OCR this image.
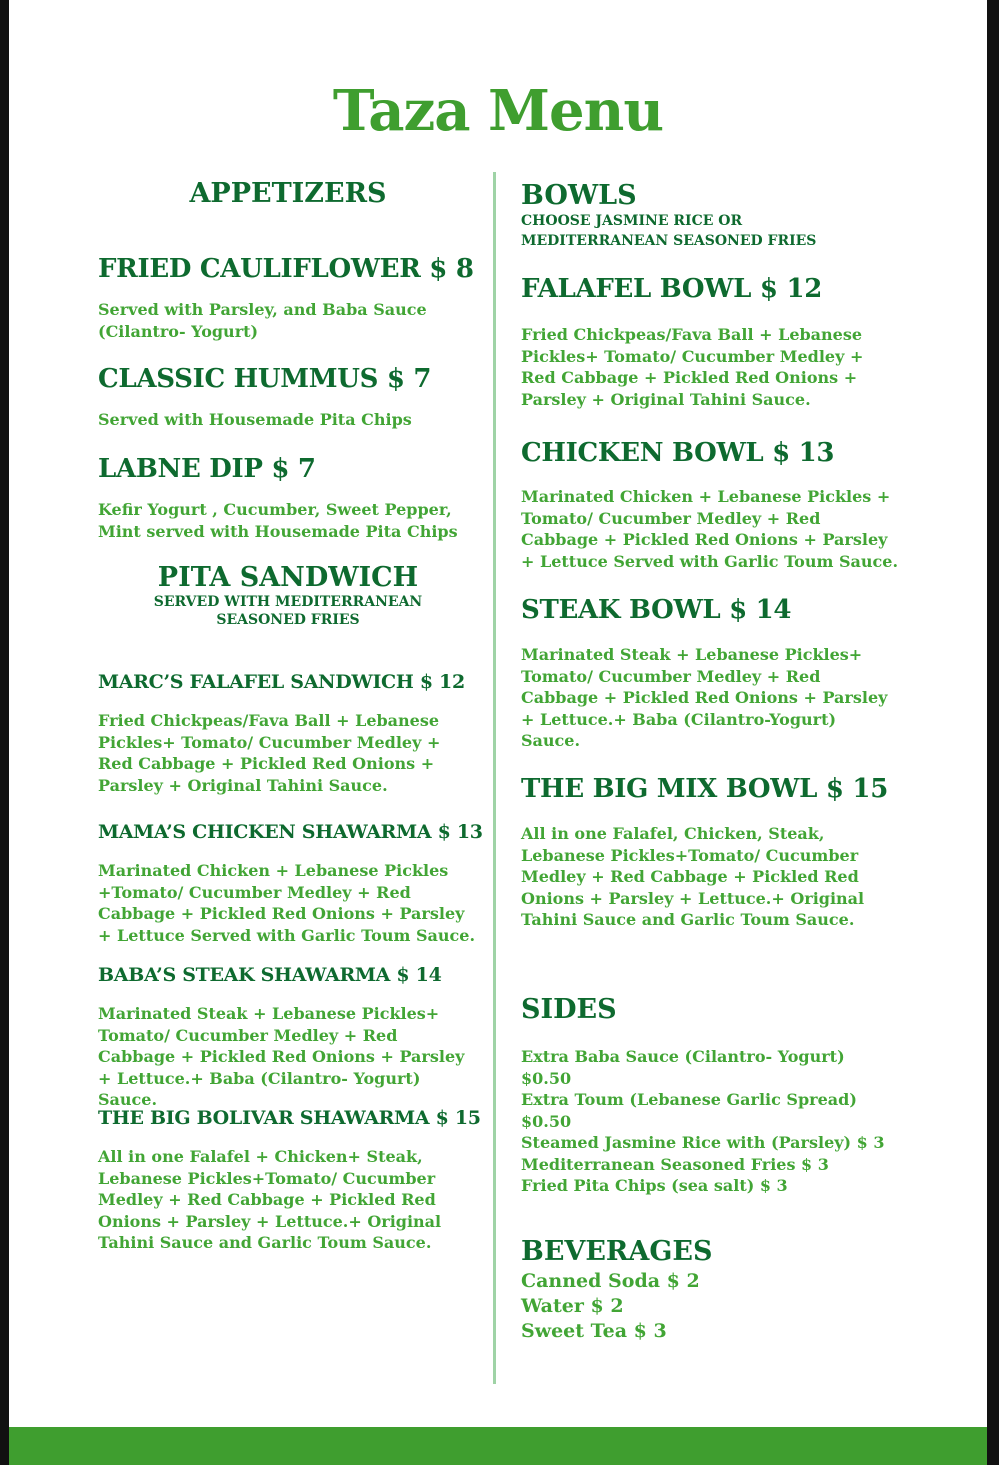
Taza Menu

APPETIZERS

FRIED CAULIFLOWER $ 8

Served with Parsley, and Baba Sauce (Cilantro- Yogurt)

CLASSIC HUMMUS $ 7

Served with Housemade Pita Chips

LABNE DIP $ 7

Kefir Yogurt , Cucumber, Sweet Pepper, Mint served with Housemade Pita Chips

PITA SANDWICH

SERVED WITH MEDITERRANEAN

SEASONED FRIES

MARC’S FALAFEL SANDWICH $ 12

Fried Chickpeas/Fava Ball + Lebanese Pickles+ Tomato/ Cucumber Medley + Red Cabbage + Pickled Red Onions + Parsley + Original Tahini Sauce.

MAMA’S CHICKEN SHAWARMA $ 13

Marinated Chicken + Lebanese Pickles +Tomato/ Cucumber Medley + Red Cabbage + Pickled Red Onions + Parsley + Lettuce Served with Garlic Toum Sauce.

BABA’S STEAK SHAWARMA $ 14

Marinated Steak + Lebanese Pickles+ Tomato/ Cucumber Medley + Red Cabbage + Pickled Red Onions + Parsley + Lettuce.+ Baba (Cilantro- Yogurt) Sauce.

THE BIG BOLIVAR SHAWARMA $ 15

All in one Falafel + Chicken+ Steak, Lebanese Pickles+Tomato/ Cucumber Medley + Red Cabbage + Pickled Red Onions + Parsley + Lettuce.+ Original Tahini Sauce and Garlic Toum Sauce.

BOWLS

CHOOSE JASMINE RICE OR

MEDITERRANEAN SEASONED FRIES

FALAFEL BOWL $ 12

Fried Chickpeas/Fava Ball + Lebanese Pickles+ Tomato/ Cucumber Medley + Red Cabbage + Pickled Red Onions + Parsley + Original Tahini Sauce.

CHICKEN BOWL $ 13

Marinated Chicken + Lebanese Pickles + Tomato/ Cucumber Medley + Red Cabbage + Pickled Red Onions + Parsley + Lettuce Served with Garlic Toum Sauce.

STEAK BOWL $ 14

Marinated Steak + Lebanese Pickles+ Tomato/ Cucumber Medley + Red Cabbage + Pickled Red Onions + Parsley + Lettuce.+ Baba (Cilantro-Yogurt) Sauce.

THE BIG MIX BOWL $ 15

All in one Falafel, Chicken, Steak, Lebanese Pickles+Tomato/ Cucumber Medley + Red Cabbage + Pickled Red Onions + Parsley + Lettuce.+ Original Tahini Sauce and Garlic Toum Sauce.

SIDES

Extra Baba Sauce (Cilantro- Yogurt) $0.50

Extra Toum (Lebanese Garlic Spread) $0.50

Steamed Jasmine Rice with (Parsley) $ 3

Mediterranean Seasoned Fries $ 3

Fried Pita Chips (sea salt) $ 3

BEVERAGES

Canned Soda $ 2

Water $ 2

Sweet Tea $ 3
